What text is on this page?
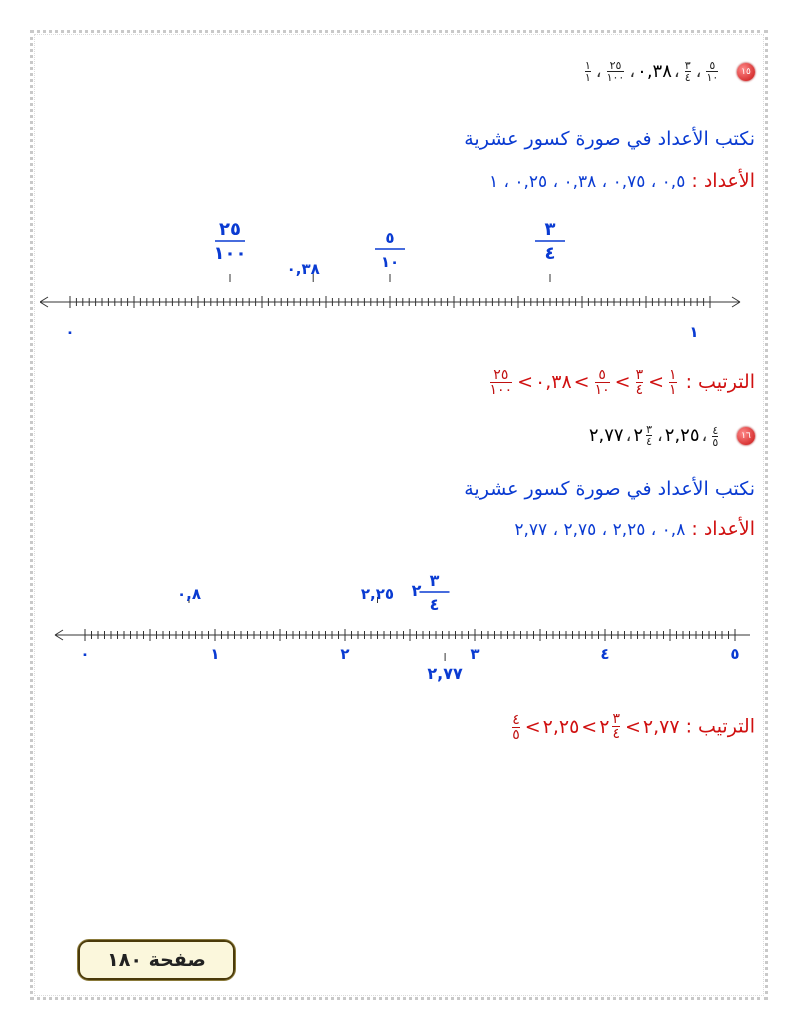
١٥
$\frac{٥}{١٠}$
،
$\frac{٣}{٤}$
،٠,٣٨،
$\frac{٢٥}{١٠٠}$
،
$\frac{١}{١}$
نكتب الأعداد في صورة كسور عشرية
الأعداد : ٠,٥ ، ٠,٧٥ ، ٠,٣٨ ، ٠,٢٥ ، ١
٠	١
٢٥
١٠٠
٠,٣٨
٥
١٠
٣
٤
الترتيب :
$\frac{١}{١}$
>
$\frac{٣}{٤}$
>
$\frac{٥}{١٠}$
>٠,٣٨>
$\frac{٢٥}{١٠٠}$
١٦
$\frac{٤}{٥}$
،٢,٢٥،
٢ $\frac{٣}{٤}$
،٢,٧٧
نكتب الأعداد في صورة كسور عشرية
الأعداد : ٠,٨ ، ٢,٢٥ ، ٢,٧٥ ، ٢,٧٧
٠	١	٢	٣	٤	٥
٠,٨	٢,٢٥ ٢
٣
٤
٢,٧٧
الترتيب : ٢,٧٧>
٢ $\frac{٣}{٤}$
>٢,٢٥>
$\frac{٤}{٥}$
صفحة ١٨٠
